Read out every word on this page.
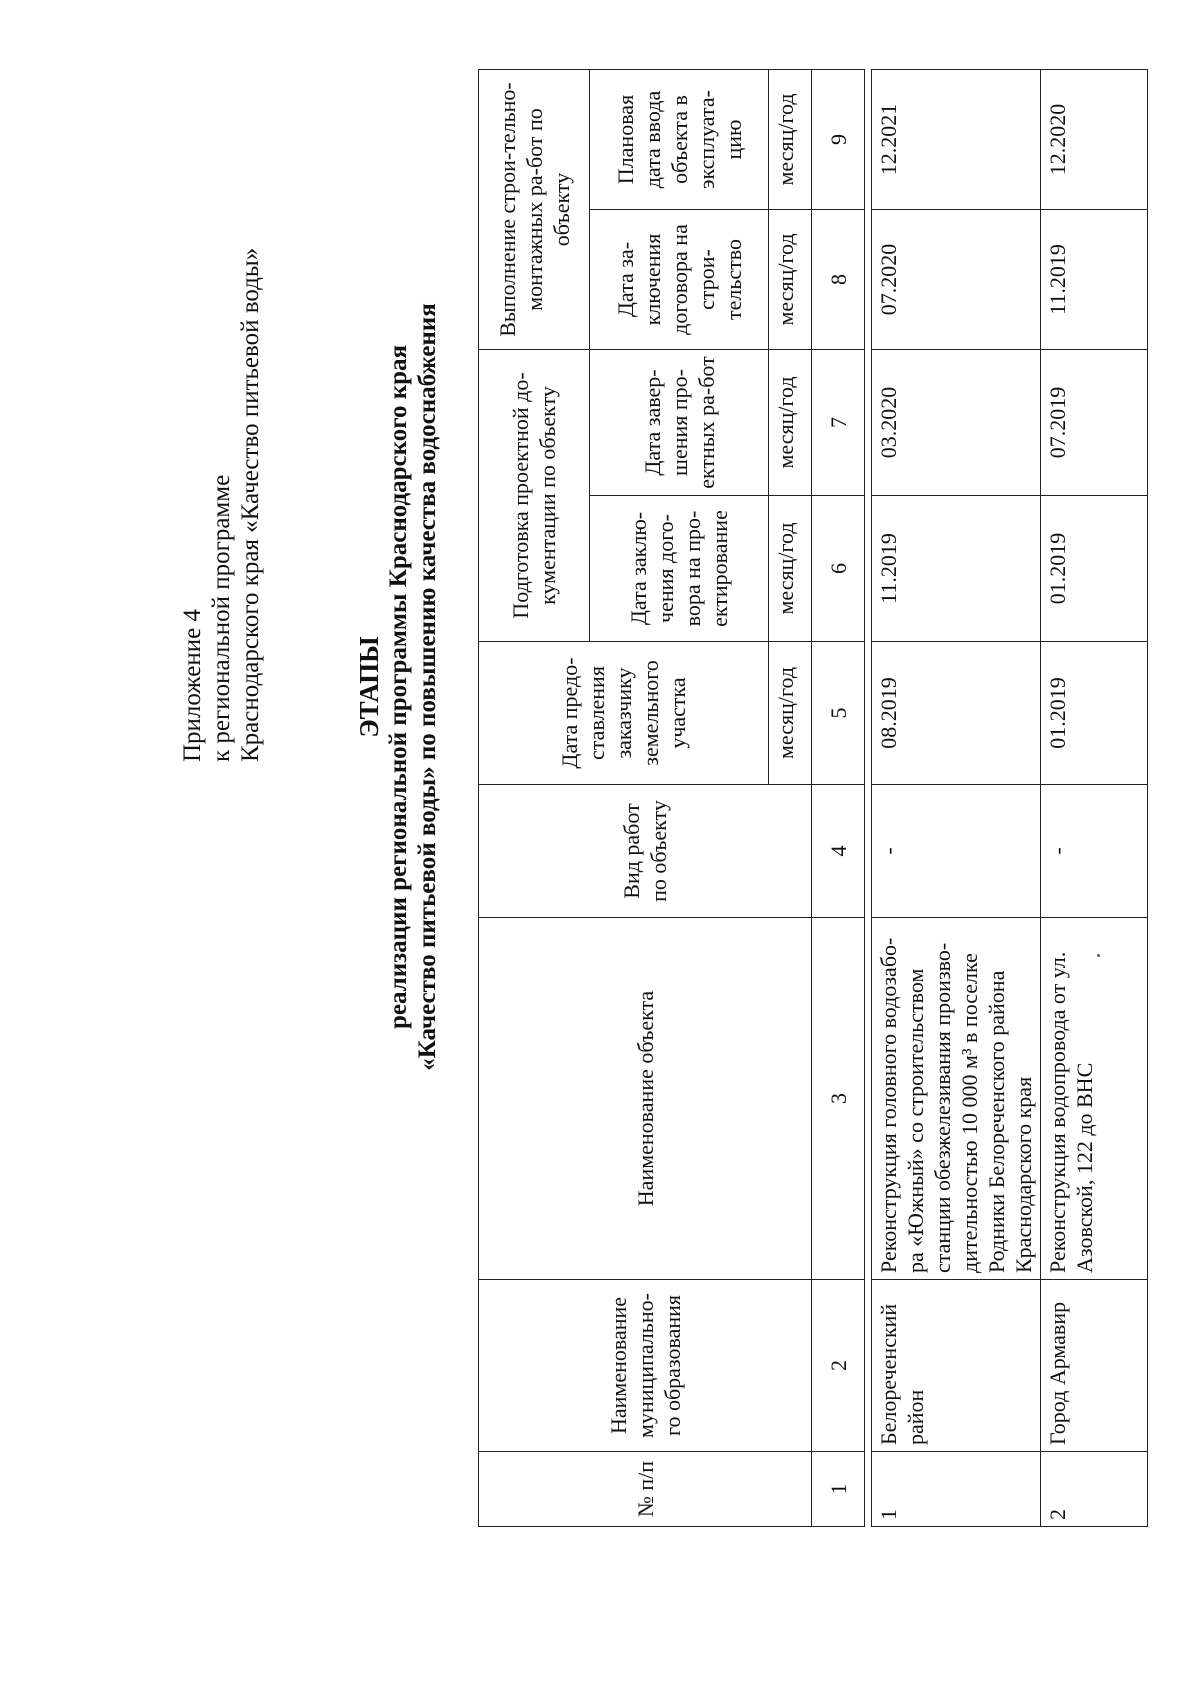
Приложение 4 к региональной программе Краснодарского края «Качество питьевой воды»	ЭТАПЫ реализации региональной программы Краснодарского края «Качество питьевой воды» по повышению качества водоснабжения
№ п/п	Наименование муниципально-го образования	Наименование объекта	Вид работ по объекту	Дата предо-ставления заказчику земельного участка	Подготовка проектной до-кументации по объекту		Выполнение строи-тельно-монтажных ра-бот по объекту	
					Дата заклю-чения дого-вора на про-ектирование	Дата завер-шения про-ектных ра-бот	Дата за-ключения договора на строи-тельство	Плановая дата ввода объекта в эксплуата-цию
				месяц/год	месяц/год	месяц/год	месяц/год	месяц/год
1	2	3	4	5	6	7	8	9

1	Белореченский район	Реконструкция головного водозабо-ра «Южный» со строительством станции обезжелезивания произво-дительностью 10 000 м³ в поселке Родники Белореченского района Краснодарского края	-	08.2019	11.2019	03.2020	07.2020	12.2021
2	Город Армавир	Реконструкция водопровода от ул. Азовской, 122 до ВНС	-	01.2019	01.2019	07.2019	11.2019	12.2020
